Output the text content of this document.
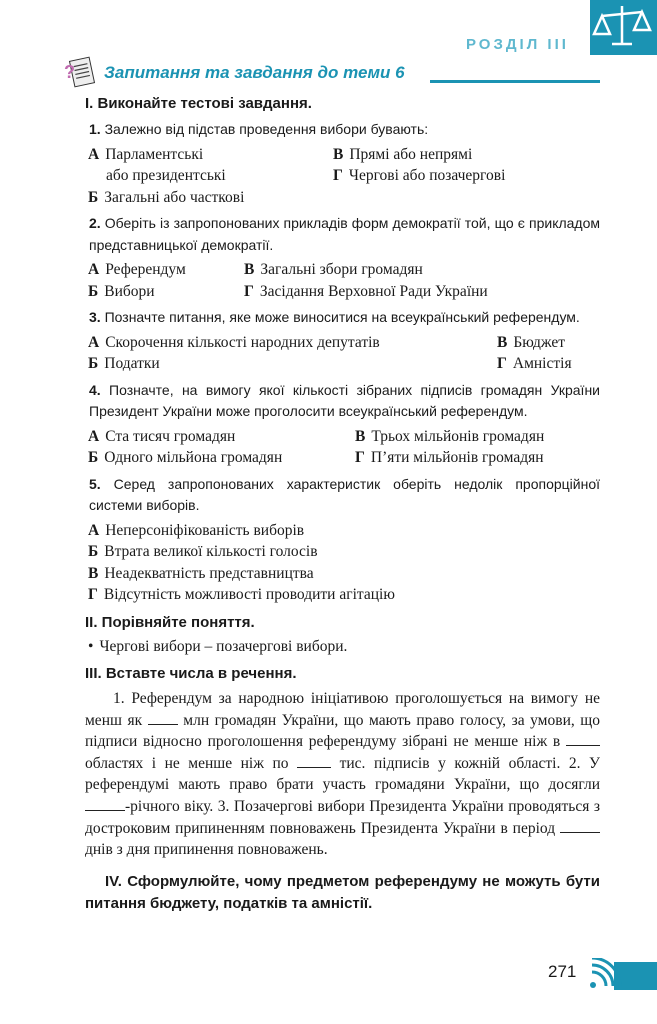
РОЗДІЛ III
? Запитання та завдання до теми 6
І. Виконайте тестові завдання.
1. Залежно від підстав проведення вибори бувають:
А Парламентські	В Прямі або непрямі
або президентські	Г Чергові або позачергові
Б Загальні або часткові
2. Оберіть із запропонованих прикладів форм демократії той, що є прикладом представницької демократії.
А Референдум	В Загальні збори громадян
Б Вибори	Г Засідання Верховної Ради України
3. Позначте питання, яке може виноситися на всеукраїнський референдум.
А Скорочення кількості народних депутатів	В Бюджет
Б Податки	Г Амністія
4. Позначте, на вимогу якої кількості зібраних підписів громадян України Президент України може проголосити всеукраїнський референдум.
А Ста тисяч громадян	В Трьох мільйонів громадян
Б Одного мільйона громадян	Г П’яти мільйонів громадян
5. Серед запропонованих характеристик оберіть недолік пропорційної системи виборів.
А Неперсоніфікованість виборів
Б Втрата великої кількості голосів
В Неадекватність представництва
Г Відсутність можливості проводити агітацію
ІІ. Порівняйте поняття.
• Чергові вибори – позачергові вибори.
ІІІ. Вставте числа в речення.
1. Референдум за народною ініціативою проголошується на вимогу не менш як  млн громадян України, що мають право голосу, за умови, що підписи відносно проголошення референдуму зібрані не менше ніж в  областях і не менше ніж по  тис. підписів у кожній області. 2. У референдумі мають право брати участь громадяни України, що досягли -річного віку. 3. Позачергові вибори Президента України проводяться з достроковим припиненням повноважень Президента України в період  днів з дня припинення повноважень.
IV. Сформулюйте, чому предметом референдуму не можуть бути питання бюджету, податків та амністії.
271
